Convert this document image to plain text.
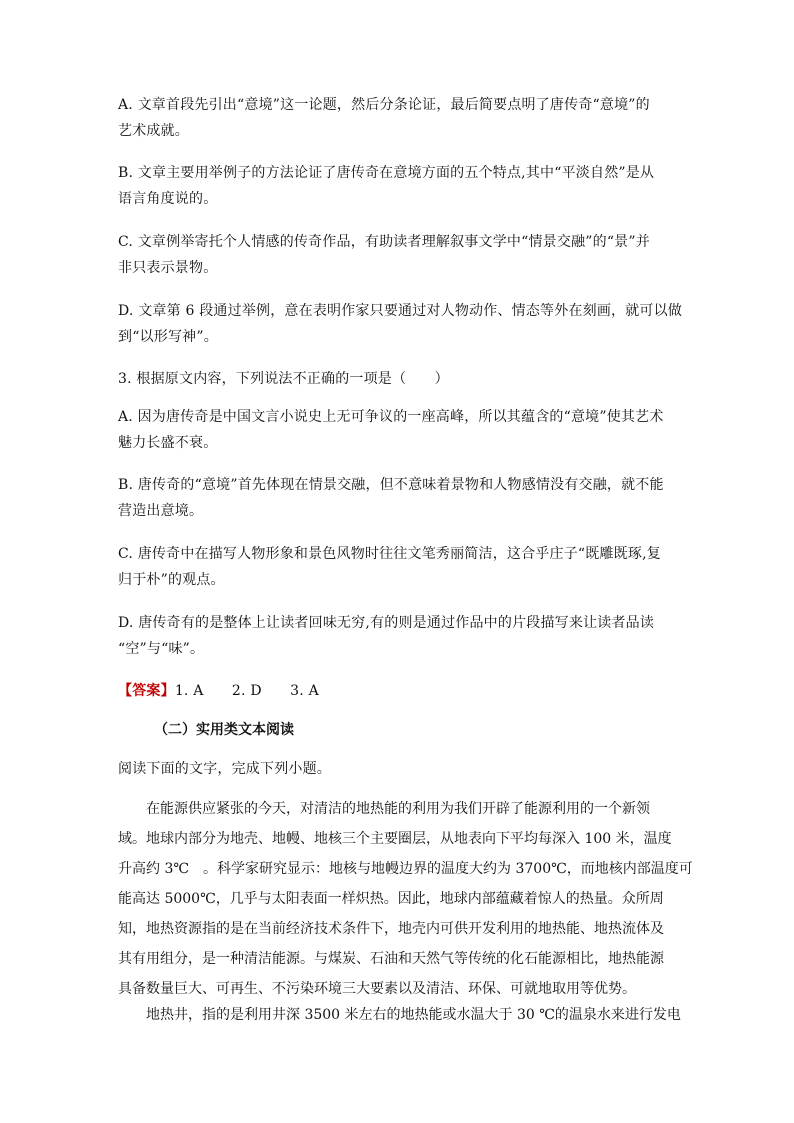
A. 文章首段先引出“意境”这一论题，然后分条论证，最后简要点明了唐传奇“意境”的
艺术成就。

B. 文章主要用举例子的方法论证了唐传奇在意境方面的五个特点,其中“平淡自然”是从
语言角度说的。

C. 文章例举寄托个人情感的传奇作品，有助读者理解叙事文学中“情景交融”的“景”并
非只表示景物。

D. 文章第 6 段通过举例，意在表明作家只要通过对人物动作、情态等外在刻画，就可以做
到“以形写神”。

3. 根据原文内容，下列说法不正确的一项是（　　）

A. 因为唐传奇是中国文言小说史上无可争议的一座高峰，所以其蕴含的“意境”使其艺术
魅力长盛不衰。

B. 唐传奇的“意境”首先体现在情景交融，但不意味着景物和人物感情没有交融，就不能
营造出意境。

C. 唐传奇中在描写人物形象和景色风物时往往文笔秀丽简洁，这合乎庄子“既雕既琢,复
归于朴”的观点。

D. 唐传奇有的是整体上让读者回味无穷,有的则是通过作品中的片段描写来让读者品读
“空”与“味”。

【答案】1. A　　2. D　　3. A

（二）实用类文本阅读

阅读下面的文字，完成下列小题。

　　在能源供应紧张的今天，对清洁的地热能的利用为我们开辟了能源利用的一个新领
域。地球内部分为地壳、地幔、地核三个主要圈层，从地表向下平均每深入 100 米，温度
升高约 3℃　。科学家研究显示：地核与地幔边界的温度大约为 3700℃，而地核内部温度可
能高达 5000℃，几乎与太阳表面一样炽热。因此，地球内部蕴藏着惊人的热量。众所周
知，地热资源指的是在当前经济技术条件下，地壳内可供开发利用的地热能、地热流体及
其有用组分，是一种清洁能源。与煤炭、石油和天然气等传统的化石能源相比，地热能源
具备数量巨大、可再生、不污染环境三大要素以及清洁、环保、可就地取用等优势。

　　地热井，指的是利用井深 3500 米左右的地热能或水温大于 30 ℃的温泉水来进行发电
